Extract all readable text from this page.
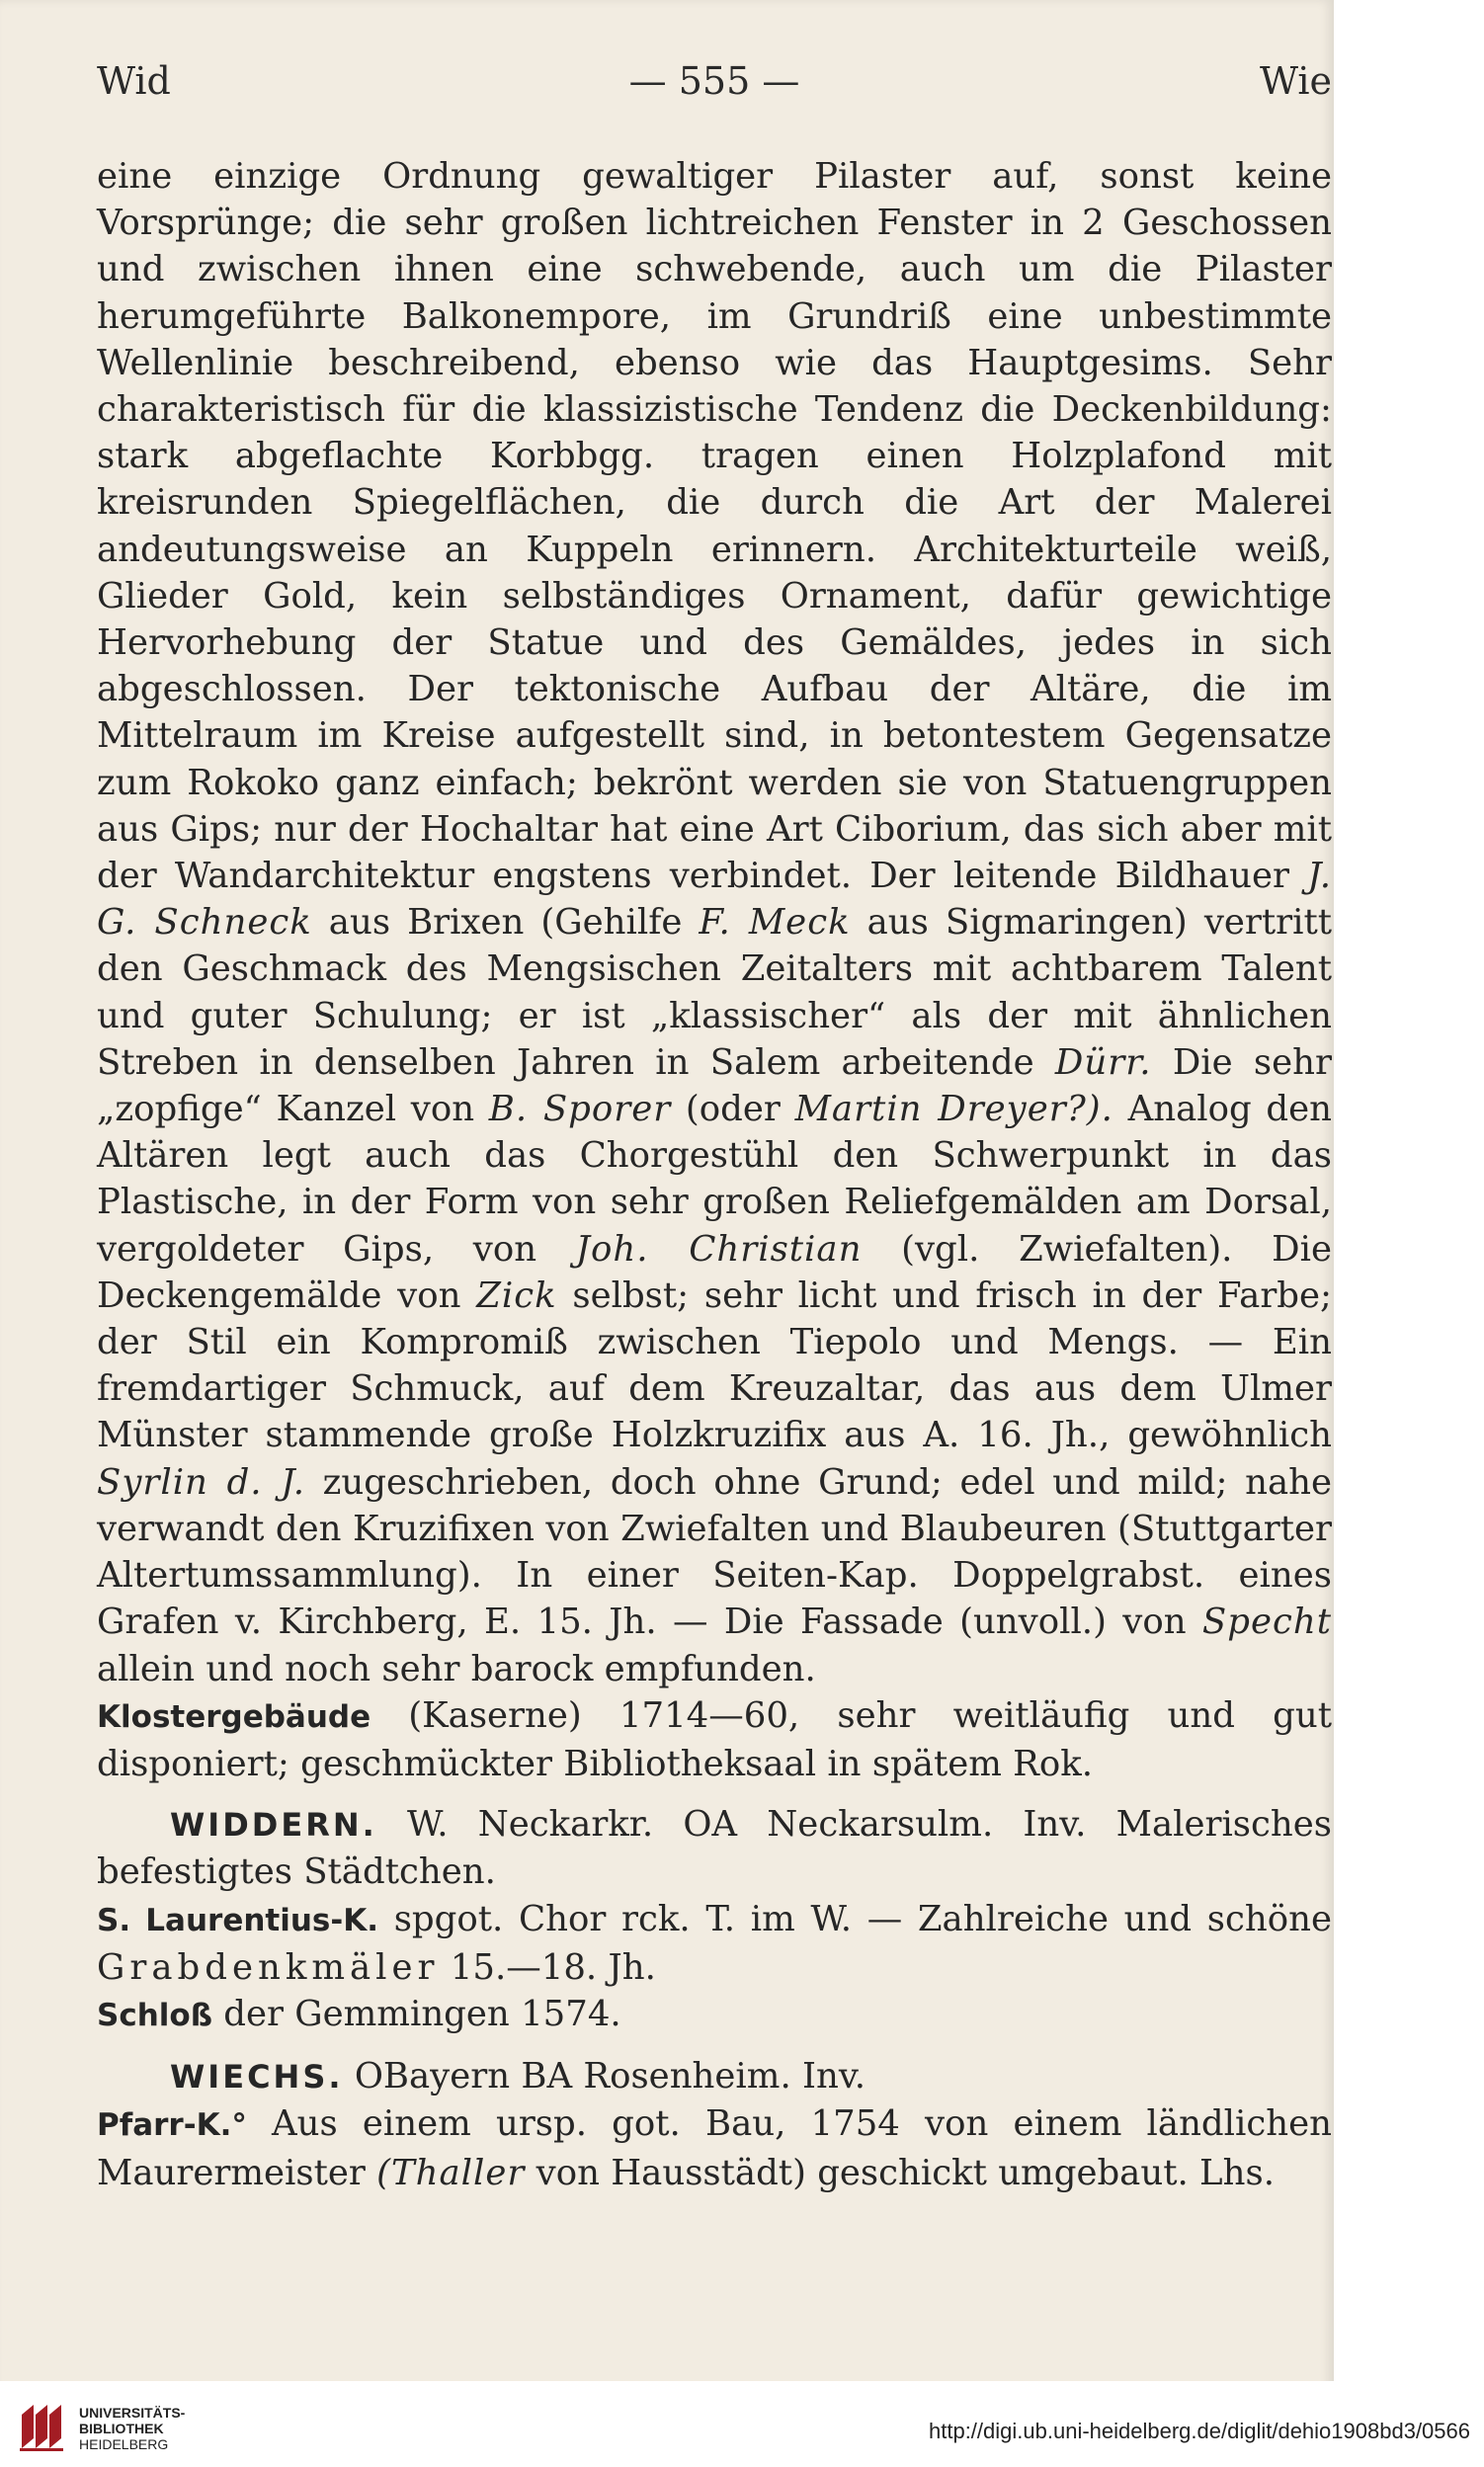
Wid	— 555 —	Wie

eine einzige Ordnung gewaltiger Pilaster auf, sonst keine Vorsprünge; die sehr großen lichtreichen Fenster in 2 Geschossen und zwischen ihnen eine schwebende, auch um die Pilaster herumgeführte Balkonempore, im Grundriß eine unbestimmte Wellenlinie beschreibend, ebenso wie das Hauptgesims. Sehr charakteristisch für die klassizistische Tendenz die Deckenbildung: stark abgeflachte Korbbgg. tragen einen Holzplafond mit kreisrunden Spiegelflächen, die durch die Art der Malerei andeutungsweise an Kuppeln erinnern. Architekturteile weiß, Glieder Gold, kein selbständiges Ornament, dafür gewichtige Hervorhebung der Statue und des Gemäldes, jedes in sich abgeschlossen. Der tektonische Aufbau der Altäre, die im Mittelraum im Kreise aufgestellt sind, in betontestem Gegensatze zum Rokoko ganz einfach; bekrönt werden sie von Statuengruppen aus Gips; nur der Hochaltar hat eine Art Ciborium, das sich aber mit der Wandarchitektur engstens verbindet. Der leitende Bildhauer J. G. Schneck aus Brixen (Gehilfe F. Meck aus Sigmaringen) vertritt den Geschmack des Mengsischen Zeitalters mit achtbarem Talent und guter Schulung; er ist „klassischer“ als der mit ähnlichen Streben in denselben Jahren in Salem arbeitende Dürr. Die sehr „zopfige“ Kanzel von B. Sporer (oder Martin Dreyer?). Analog den Altären legt auch das Chorgestühl den Schwerpunkt in das Plastische, in der Form von sehr großen Reliefgemälden am Dorsal, vergoldeter Gips, von Joh. Christian (vgl. Zwiefalten). Die Deckengemälde von Zick selbst; sehr licht und frisch in der Farbe; der Stil ein Kompromiß zwischen Tiepolo und Mengs. — Ein fremdartiger Schmuck, auf dem Kreuzaltar, das aus dem Ulmer Münster stammende große Holzkruzifix aus A. 16. Jh., gewöhnlich Syrlin d. J. zugeschrieben, doch ohne Grund; edel und mild; nahe verwandt den Kruzifixen von Zwiefalten und Blaubeuren (Stuttgarter Altertumssammlung). In einer Seiten-Kap. Doppelgrabst. eines Grafen v. Kirchberg, E. 15. Jh. — Die Fassade (unvoll.) von Specht allein und noch sehr barock empfunden.

Klostergebäude (Kaserne) 1714—60, sehr weitläufig und gut disponiert; geschmückter Bibliotheksaal in spätem Rok.

WIDDERN. W. Neckarkr. OA Neckarsulm. Inv. Malerisches befestigtes Städtchen.

S. Laurentius-K. spgot. Chor rck. T. im W. — Zahlreiche und schöne Grabdenkmäler 15.—18. Jh.

Schloß der Gemmingen 1574.

WIECHS. OBayern BA Rosenheim. Inv.

Pfarr-K.° Aus einem ursp. got. Bau, 1754 von einem ländlichen Maurermeister (Thaller von Hausstädt) geschickt umgebaut. Lhs.

UNIVERSITÄTS-
BIBLIOTHEK
HEIDELBERG
http://digi.ub.uni-heidelberg.de/diglit/dehio1908bd3/0566
